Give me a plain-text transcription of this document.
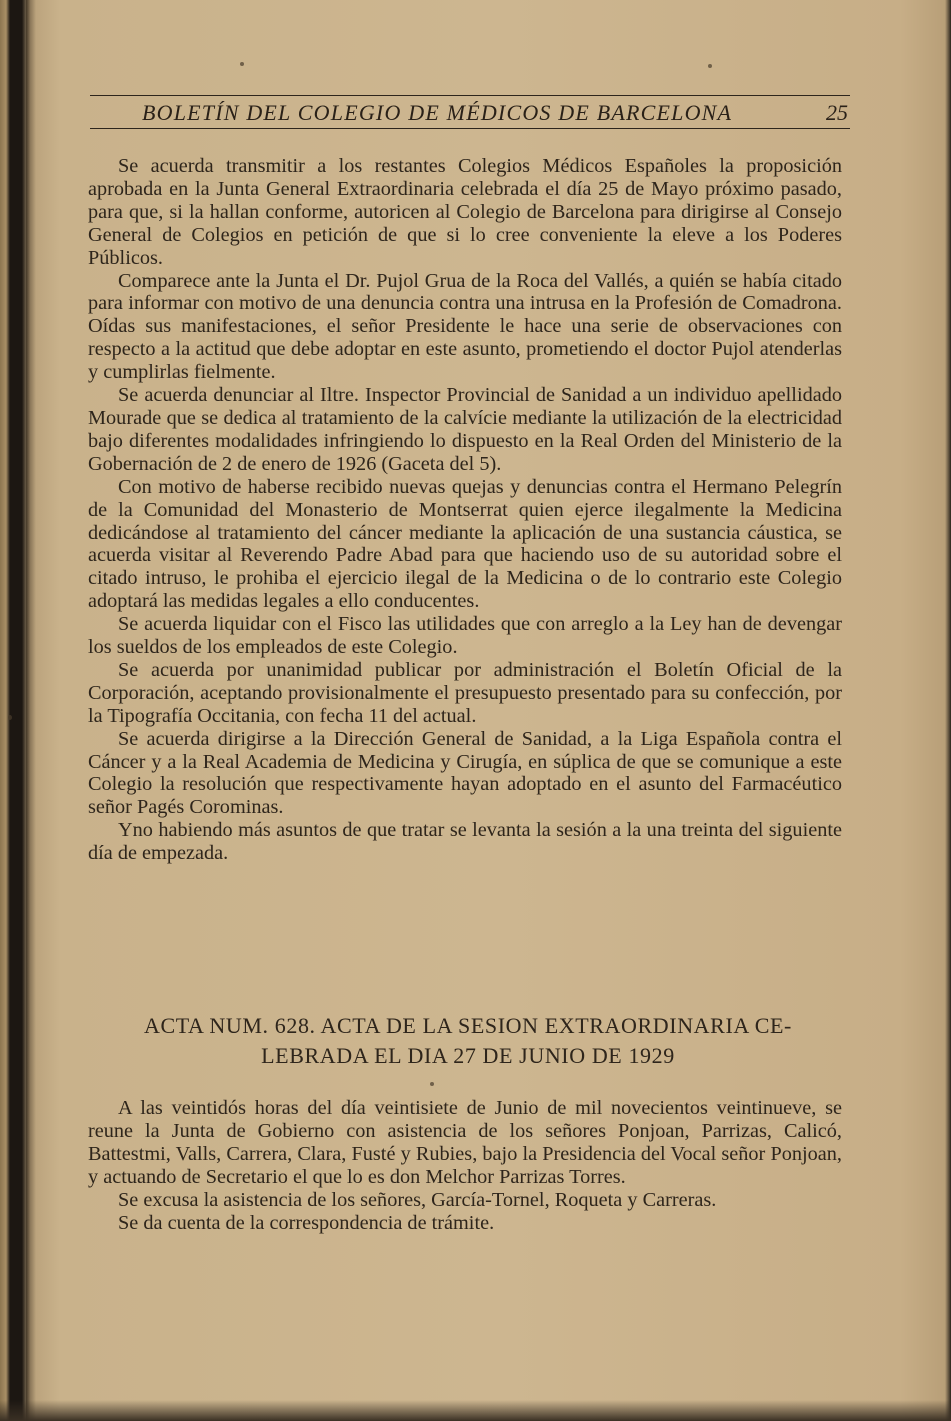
BOLETÍN DEL COLEGIO DE MÉDICOS DE BARCELONA	25

Se acuerda transmitir a los restantes Colegios Médicos Españoles la proposición aprobada en la Junta General Extraordinaria celebrada el día 25 de Mayo próximo pasado, para que, si la hallan conforme, autoricen al Colegio de Barcelona para dirigirse al Consejo General de Colegios en petición de que si lo cree conveniente la eleve a los Poderes Públicos.

Comparece ante la Junta el Dr. Pujol Grua de la Roca del Vallés, a quién se había citado para informar con motivo de una denuncia contra una intrusa en la Profesión de Comadrona. Oídas sus manifestaciones, el señor Presidente le hace una serie de observaciones con respecto a la actitud que debe adoptar en este asunto, prometiendo el doctor Pujol atenderlas y cumplirlas fielmente.

Se acuerda denunciar al Iltre. Inspector Provincial de Sanidad a un individuo apellidado Mourade que se dedica al tratamiento de la calvície mediante la utilización de la electricidad bajo diferentes modalidades infringiendo lo dispuesto en la Real Orden del Ministerio de la Gobernación de 2 de enero de 1926 (Gaceta del 5).

Con motivo de haberse recibido nuevas quejas y denuncias contra el Hermano Pelegrín de la Comunidad del Monasterio de Montserrat quien ejerce ilegalmente la Medicina dedicándose al tratamiento del cáncer mediante la aplicación de una sustancia cáustica, se acuerda visitar al Reverendo Padre Abad para que haciendo uso de su autoridad sobre el citado intruso, le prohiba el ejercicio ilegal de la Medicina o de lo contrario este Colegio adoptará las medidas legales a ello conducentes.

Se acuerda liquidar con el Fisco las utilidades que con arreglo a la Ley han de devengar los sueldos de los empleados de este Colegio.

Se acuerda por unanimidad publicar por administración el Boletín Oficial de la Corporación, aceptando provisionalmente el presupuesto presentado para su confección, por la Tipografía Occitania, con fecha 11 del actual.

Se acuerda dirigirse a la Dirección General de Sanidad, a la Liga Española contra el Cáncer y a la Real Academia de Medicina y Cirugía, en súplica de que se comunique a este Colegio la resolución que respectivamente hayan adoptado en el asunto del Farmacéutico señor Pagés Corominas.

Yno habiendo más asuntos de que tratar se levanta la sesión a la una treinta del siguiente día de empezada.

ACTA NUM. 628. ACTA DE LA SESION EXTRAORDINARIA CE-
LEBRADA EL DIA 27 DE JUNIO DE 1929

A las veintidós horas del día veintisiete de Junio de mil novecientos veintinueve, se reune la Junta de Gobierno con asistencia de los señores Ponjoan, Parrizas, Calicó, Battestmi, Valls, Carrera, Clara, Fusté y Rubies, bajo la Presidencia del Vocal señor Ponjoan, y actuando de Secretario el que lo es don Melchor Parrizas Torres.

Se excusa la asistencia de los señores, García-Tornel, Roqueta y Carreras.

Se da cuenta de la correspondencia de trámite.
